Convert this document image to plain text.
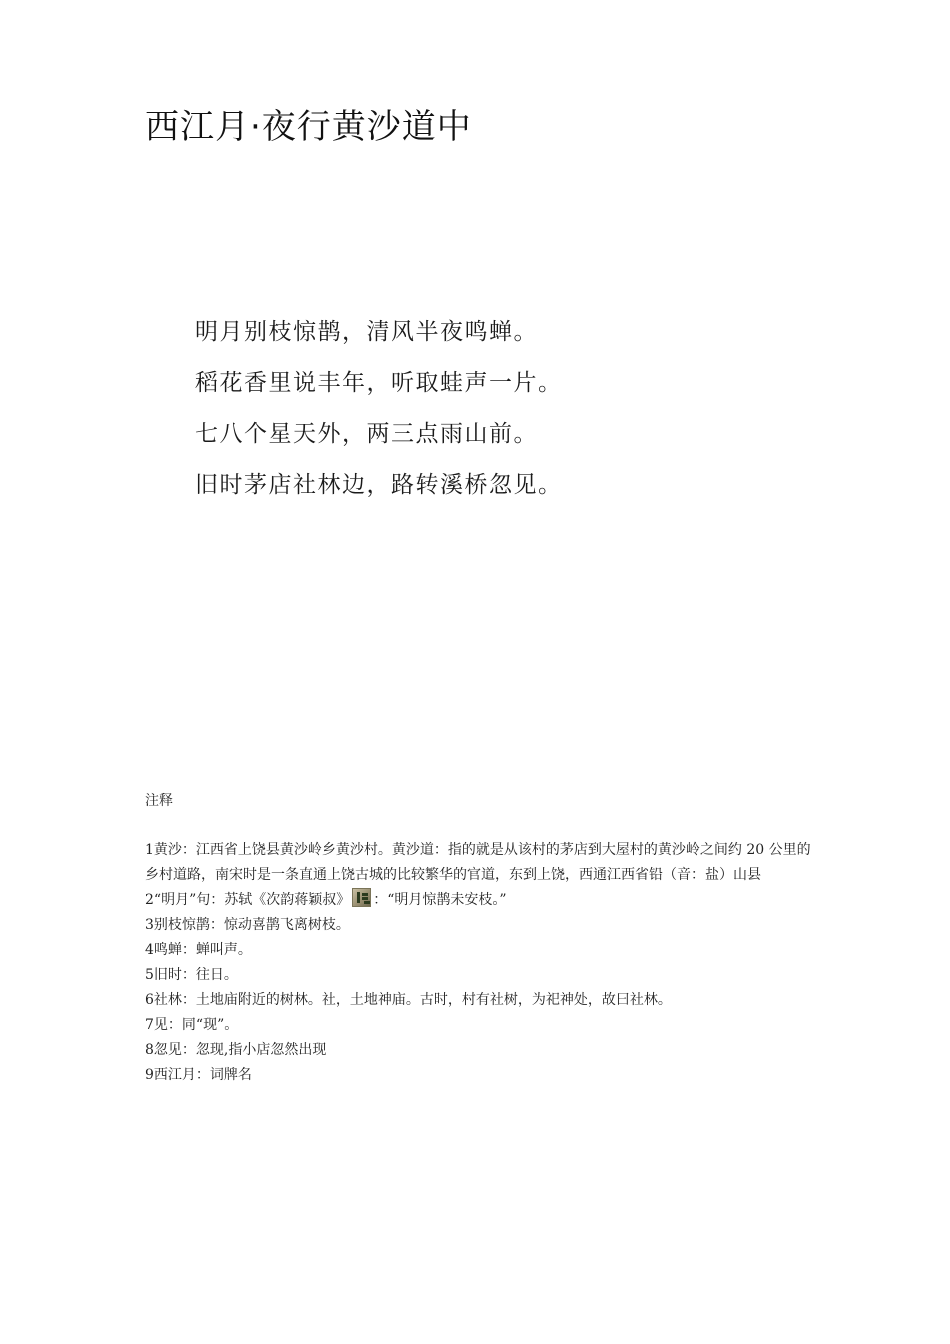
西江月·夜行黄沙道中
明月别枝惊鹊，清风半夜鸣蝉。
稻花香里说丰年，听取蛙声一片。
七八个星天外，两三点雨山前。
旧时茅店社林边，路转溪桥忽见。
注释
1黄沙：江西省上饶县黄沙岭乡黄沙村。黄沙道：指的就是从该村的茅店到大屋村的黄沙岭之间约 20 公里的乡村道路，南宋时是一条直通上饶古城的比较繁华的官道，东到上饶，西通江西省铅（音：盐）山县
2“明月”句：苏轼《次韵蒋颖叔》 ：“明月惊鹊未安枝。”
3别枝惊鹊：惊动喜鹊飞离树枝。
4鸣蝉：蝉叫声。
5旧时：往日。
6社林：土地庙附近的树林。社，土地神庙。古时，村有社树，为祀神处，故曰社林。
7见：同“现”。
8忽见：忽现,指小店忽然出现
9西江月：词牌名
